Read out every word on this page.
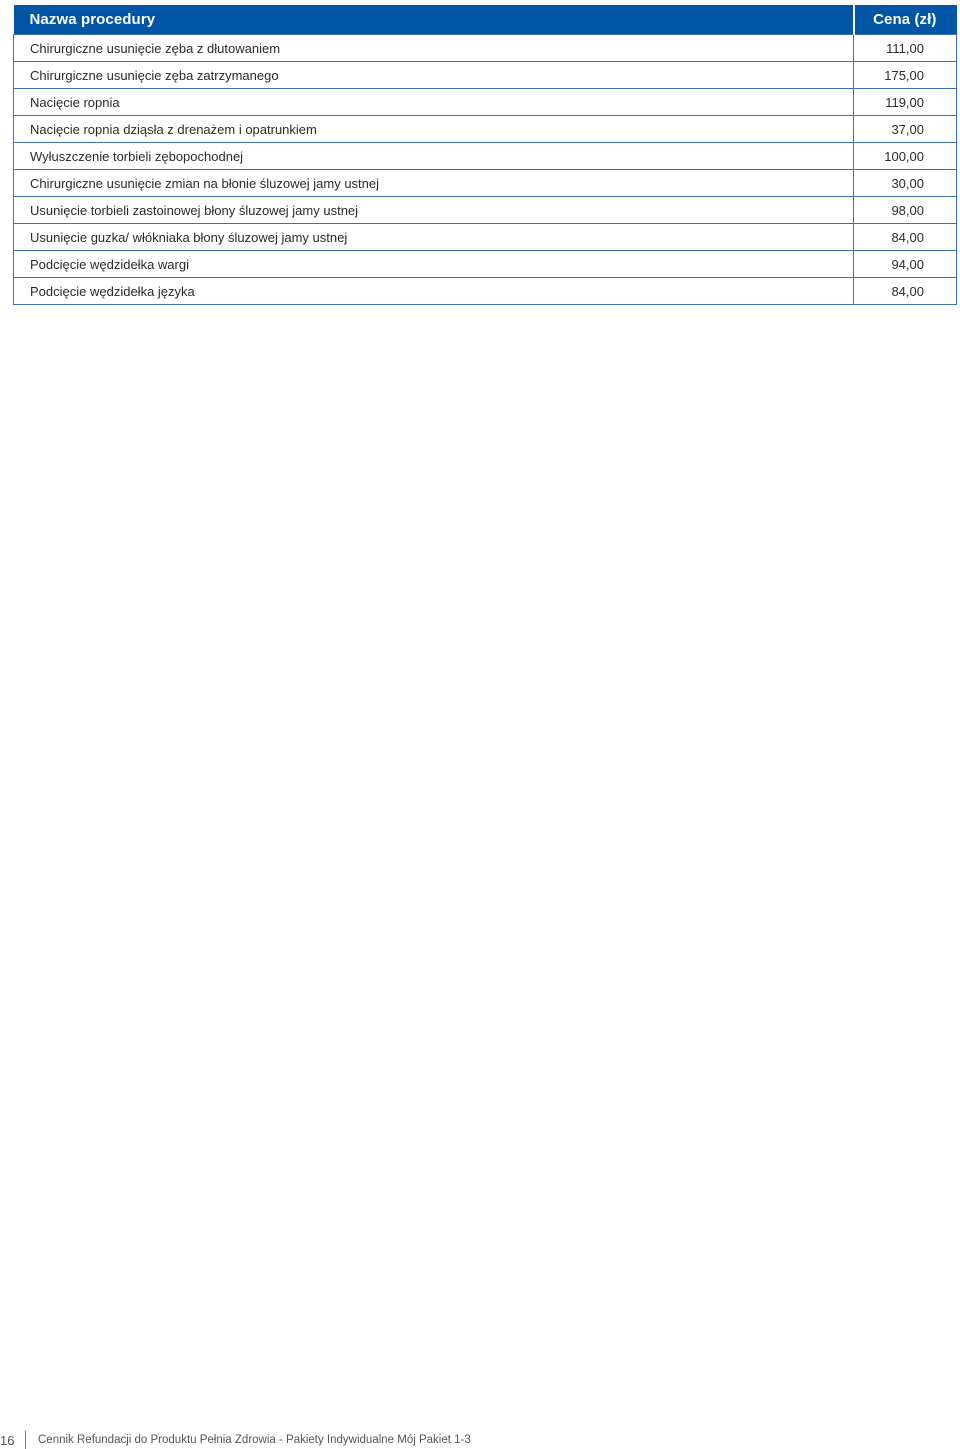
Nazwa procedury	Cena (zł)
Chirurgiczne usunięcie zęba z dłutowaniem	111,00
Chirurgiczne usunięcie zęba zatrzymanego	175,00
Nacięcie ropnia	119,00
Nacięcie ropnia dziąsła z drenażem i opatrunkiem	37,00
Wyłuszczenie torbieli zębopochodnej	100,00
Chirurgiczne usunięcie zmian na błonie śluzowej jamy ustnej	30,00
Usunięcie torbieli zastoinowej błony śluzowej jamy ustnej	98,00
Usunięcie guzka/ włókniaka błony śluzowej jamy ustnej	84,00
Podcięcie wędzidełka wargi	94,00
Podcięcie wędzidełka języka	84,00
16 Cennik Refundacji do Produktu Pełnia Zdrowia - Pakiety Indywidualne Mój Pakiet 1-3
